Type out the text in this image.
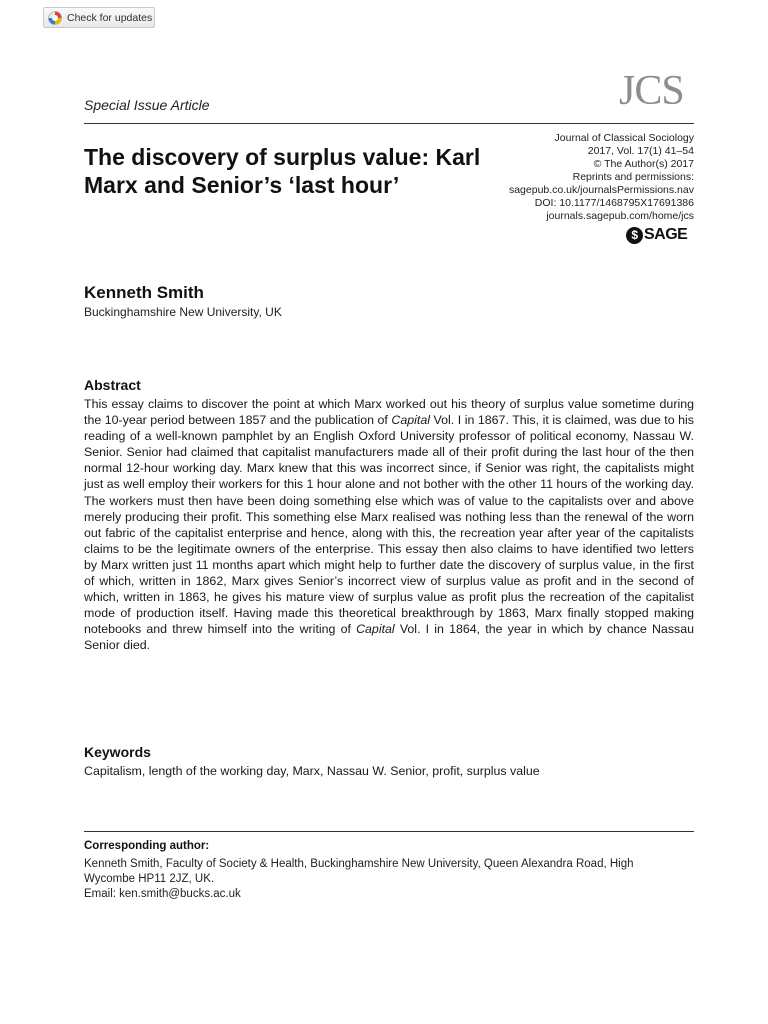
Check for updates
Special Issue Article	JCS
The discovery of surplus value: Karl Marx and Senior’s ‘last hour’
Journal of Classical Sociology
2017, Vol. 17(1) 41–54
© The Author(s) 2017
Reprints and permissions:
sagepub.co.uk/journalsPermissions.nav
DOI: 10.1177/1468795X17691386
journals.sagepub.com/home/jcs
$ SAGE
Kenneth Smith
Buckinghamshire New University, UK
Abstract

This essay claims to discover the point at which Marx worked out his theory of surplus value sometime during the 10-year period between 1857 and the publication of Capital Vol. I in 1867. This, it is claimed, was due to his reading of a well-known pamphlet by an English Oxford University professor of political economy, Nassau W. Senior. Senior had claimed that capitalist manufacturers made all of their profit during the last hour of the then normal 12-hour working day. Marx knew that this was incorrect since, if Senior was right, the capitalists might just as well employ their workers for this 1 hour alone and not bother with the other 11 hours of the working day. The workers must then have been doing something else which was of value to the capitalists over and above merely producing their profit. This something else Marx realised was nothing less than the renewal of the worn out fabric of the capitalist enterprise and hence, along with this, the recreation year after year of the capitalists claims to be the legitimate owners of the enterprise. This essay then also claims to have identified two letters by Marx written just 11 months apart which might help to further date the discovery of surplus value, in the first of which, written in 1862, Marx gives Senior’s incorrect view of surplus value as profit and in the second of which, written in 1863, he gives his mature view of surplus value as profit plus the recreation of the capitalist mode of production itself. Having made this theoretical breakthrough by 1863, Marx finally stopped making notebooks and threw himself into the writing of Capital Vol. I in 1864, the year in which by chance Nassau Senior died.

Keywords
Capitalism, length of the working day, Marx, Nassau W. Senior, profit, surplus value
Corresponding author:
Kenneth Smith, Faculty of Society & Health, Buckinghamshire New University, Queen Alexandra Road, High
Wycombe HP11 2JZ, UK.
Email: ken.smith@bucks.ac.uk
